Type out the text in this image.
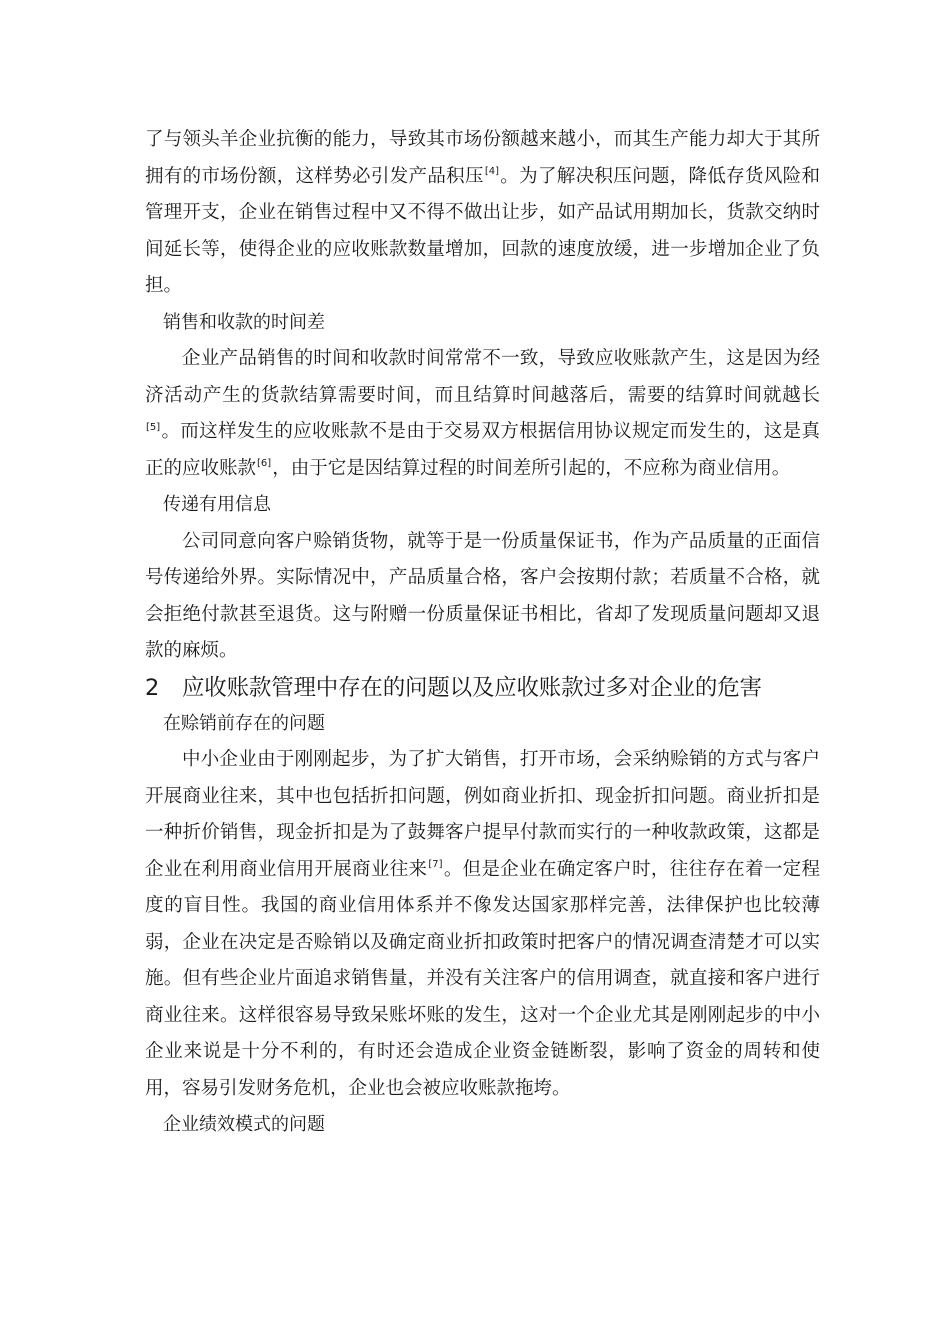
了与领头羊企业抗衡的能力，导致其市场份额越来越小，而其生产能力却大于其所拥有的市场份额，这样势必引发产品积压[4]。为了解决积压问题，降低存货风险和管理开支，企业在销售过程中又不得不做出让步，如产品试用期加长，货款交纳时间延长等，使得企业的应收账款数量增加，回款的速度放缓，进一步增加企业了负担。

销售和收款的时间差

企业产品销售的时间和收款时间常常不一致，导致应收账款产生，这是因为经济活动产生的货款结算需要时间，而且结算时间越落后，需要的结算时间就越长[5]。而这样发生的应收账款不是由于交易双方根据信用协议规定而发生的，这是真正的应收账款[6]，由于它是因结算过程的时间差所引起的，不应称为商业信用。

传递有用信息

公司同意向客户赊销货物，就等于是一份质量保证书，作为产品质量的正面信号传递给外界。实际情况中，产品质量合格，客户会按期付款；若质量不合格，就会拒绝付款甚至退货。这与附赠一份质量保证书相比，省却了发现质量问题却又退款的麻烦。

2 应收账款管理中存在的问题以及应收账款过多对企业的危害

在赊销前存在的问题

中小企业由于刚刚起步，为了扩大销售，打开市场，会采纳赊销的方式与客户开展商业往来，其中也包括折扣问题，例如商业折扣、现金折扣问题。商业折扣是一种折价销售，现金折扣是为了鼓舞客户提早付款而实行的一种收款政策，这都是企业在利用商业信用开展商业往来[7]。但是企业在确定客户时，往往存在着一定程度的盲目性。我国的商业信用体系并不像发达国家那样完善，法律保护也比较薄弱，企业在决定是否赊销以及确定商业折扣政策时把客户的情况调查清楚才可以实施。但有些企业片面追求销售量，并没有关注客户的信用调查，就直接和客户进行商业往来。这样很容易导致呆账坏账的发生，这对一个企业尤其是刚刚起步的中小企业来说是十分不利的，有时还会造成企业资金链断裂，影响了资金的周转和使用，容易引发财务危机，企业也会被应收账款拖垮。

企业绩效模式的问题
